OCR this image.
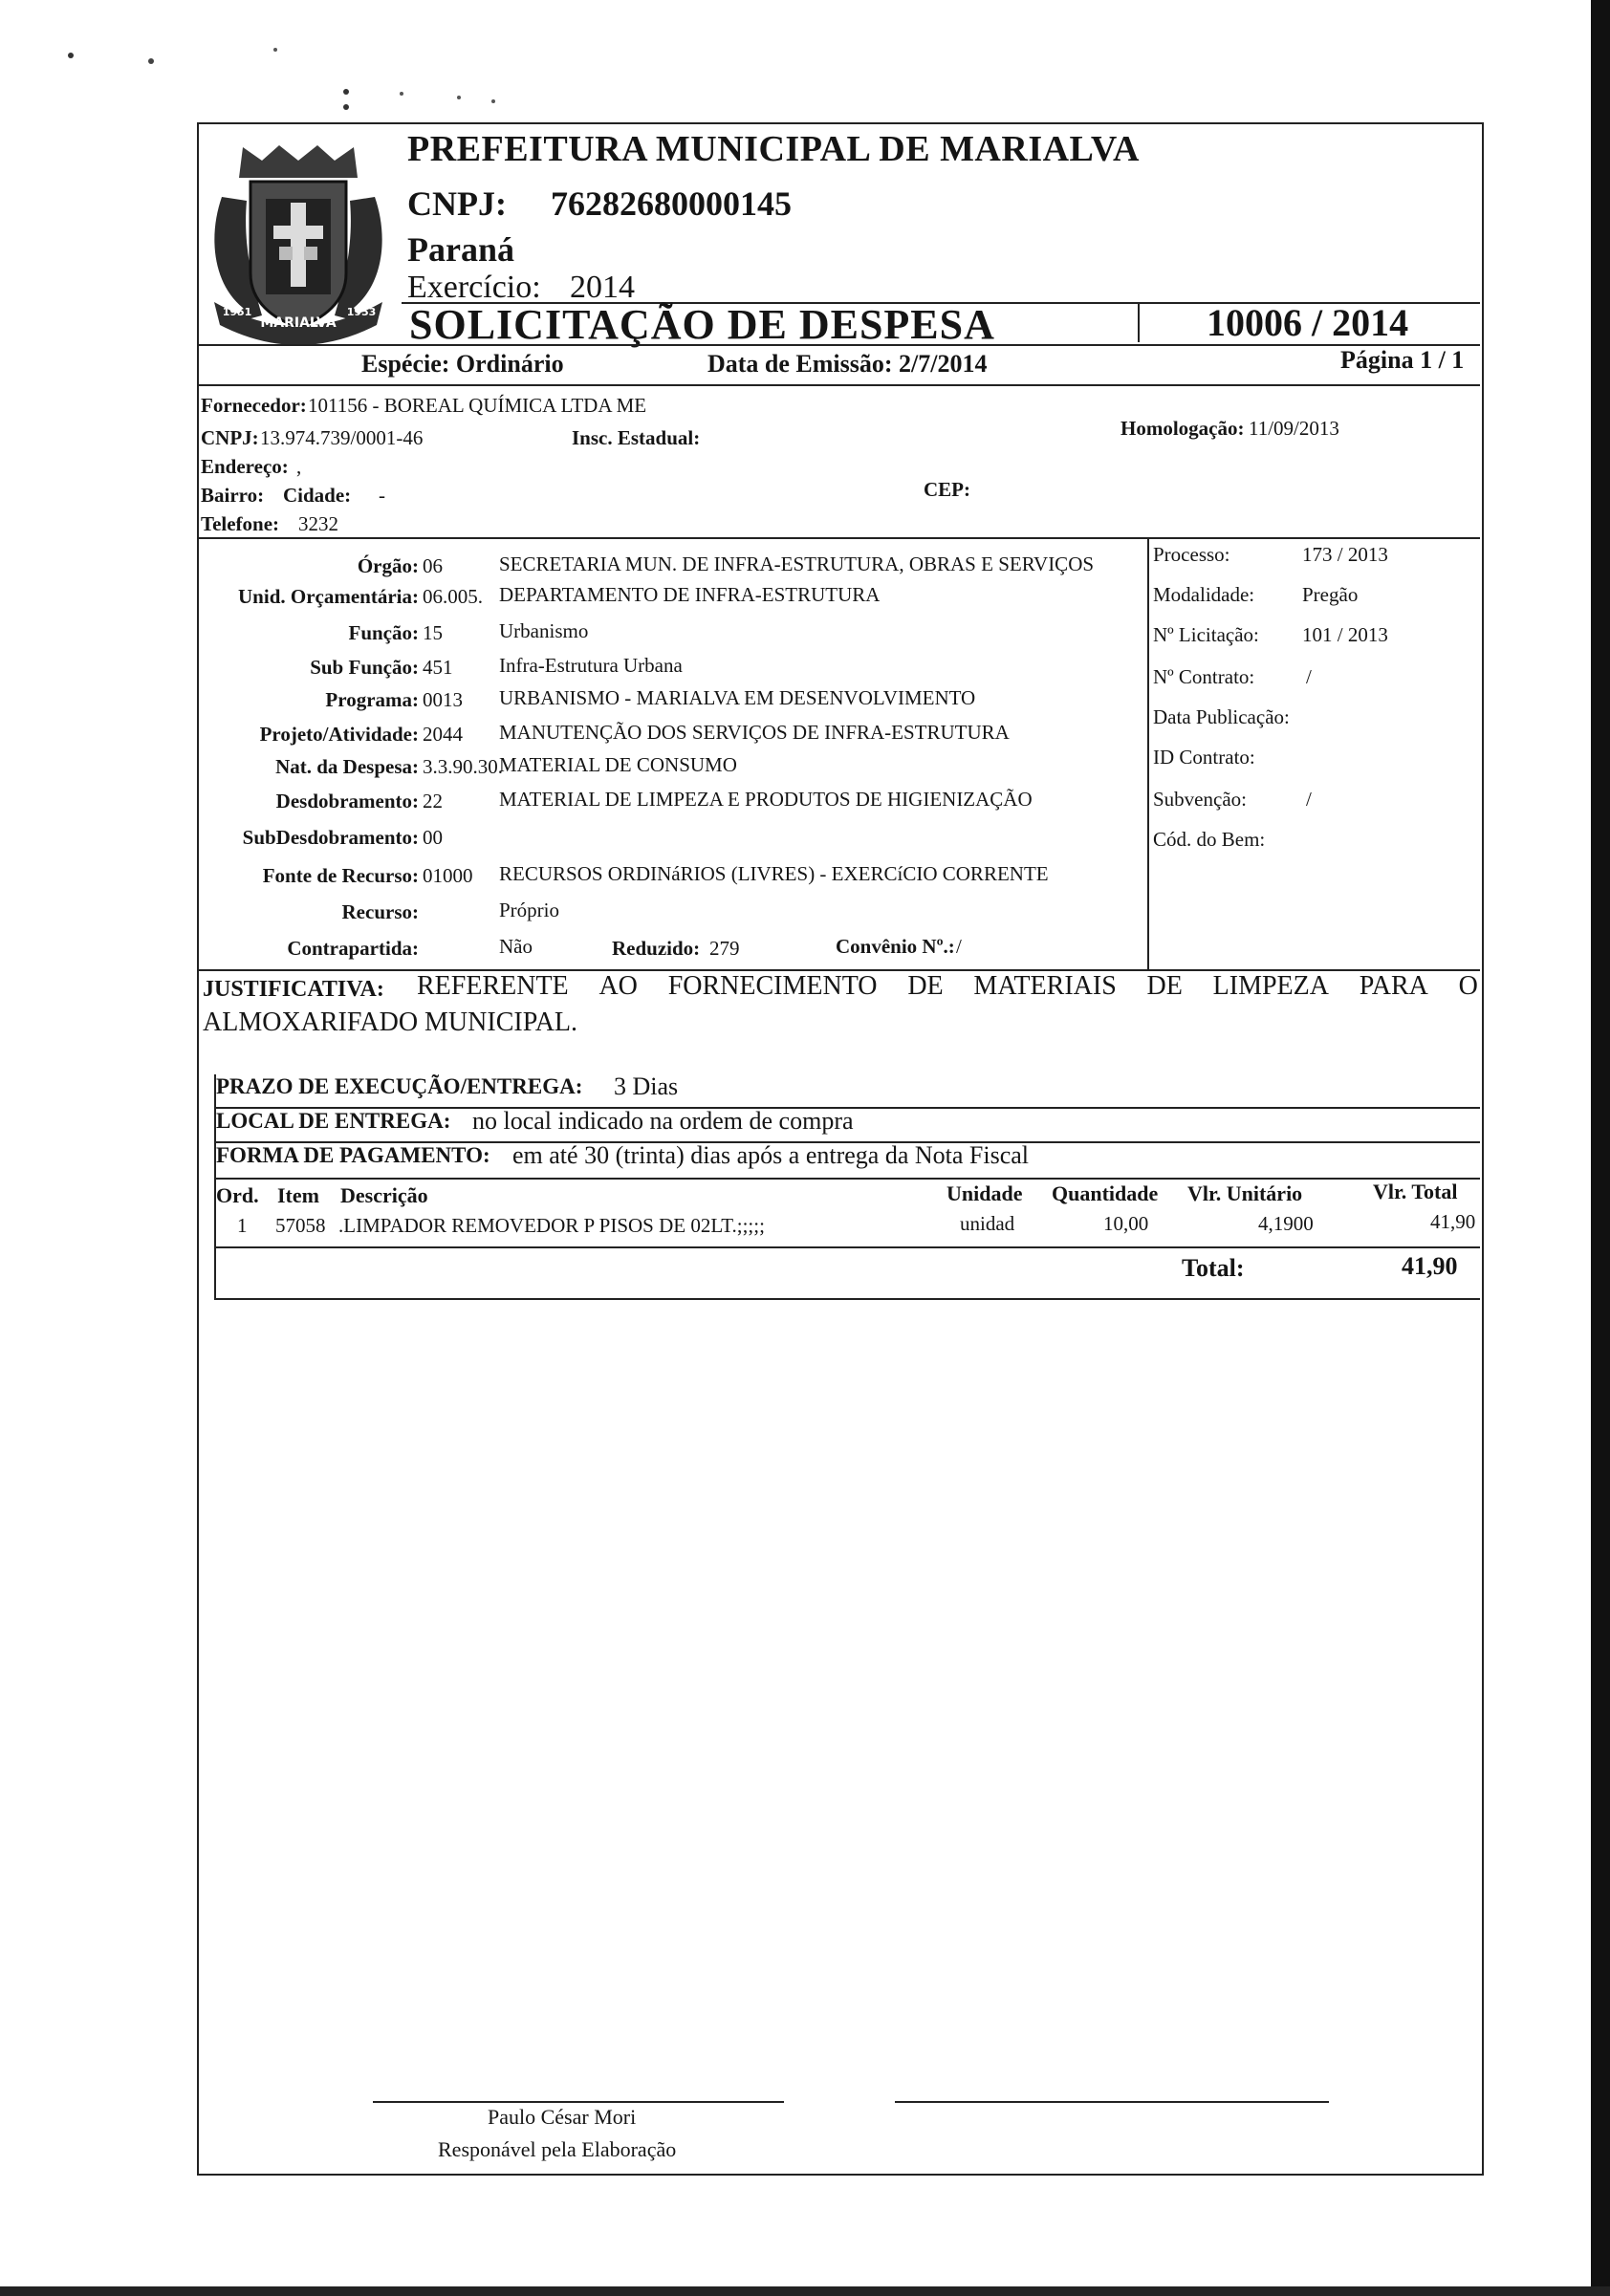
MARIALVA
1951	1953
PREFEITURA MUNICIPAL DE MARIALVA
CNPJ: 76282680000145
Paraná
Exercício: 2014
SOLICITAÇÃO DE DESPESA	10006 / 2014
Espécie: Ordinário	Data de Emissão: 2/7/2014	Página 1 / 1
Fornecedor: 101156 - BOREAL QUÍMICA LTDA ME
CNPJ: 13.974.739/0001-46	Insc. Estadual:	Homologação: 11/09/2013
Endereço: ,
Bairro: Cidade: -	CEP:
Telefone: 3232
Órgão: 06	SECRETARIA MUN. DE INFRA-ESTRUTURA, OBRAS E SERVIÇOS
Unid. Orçamentária: 06.005. DEPARTAMENTO DE INFRA-ESTRUTURA
Função: 15	Urbanismo
Sub Função: 451 Infra-Estrutura Urbana
Programa: 0013 URBANISMO - MARIALVA EM DESENVOLVIMENTO
Projeto/Atividade: 2044 MANUTENÇÃO DOS SERVIÇOS DE INFRA-ESTRUTURA
Nat. da Despesa: 3.3.90.30.
MATERIAL DE CONSUMO
Desdobramento: 22	MATERIAL DE LIMPEZA E PRODUTOS DE HIGIENIZAÇÃO
SubDesdobramento: 00
Fonte de Recurso: 01000 RECURSOS ORDINáRIOS (LIVRES) - EXERCíCIO CORRENTE
Recurso:	Próprio
Contrapartida:	Não	Reduzido: 279	Convênio Nº.: /
Processo:	173 / 2013
Modalidade: Pregão
Nº Licitação: 101 / 2013
Nº Contrato:	/
Data Publicação:
ID Contrato:
Subvenção:	/
Cód. do Bem:
JUSTIFICATIVA: REFERENTE AO FORNECIMENTO DE MATERIAIS DE LIMPEZA PARA O
ALMOXARIFADO MUNICIPAL.
PRAZO DE EXECUÇÃO/ENTREGA: 3 Dias
LOCAL DE ENTREGA: no local indicado na ordem de compra
FORMA DE PAGAMENTO: em até 30 (trinta) dias após a entrega da Nota Fiscal
Ord. Item Descrição	Unidade Quantidade Vlr. Unitário	Vlr. Total
1 57058 .LIMPADOR REMOVEDOR P PISOS DE 02LT.;;;;;	unidad	10,00	4,1900	41,90
Total:	41,90
Paulo César Mori
Responável pela Elaboração
